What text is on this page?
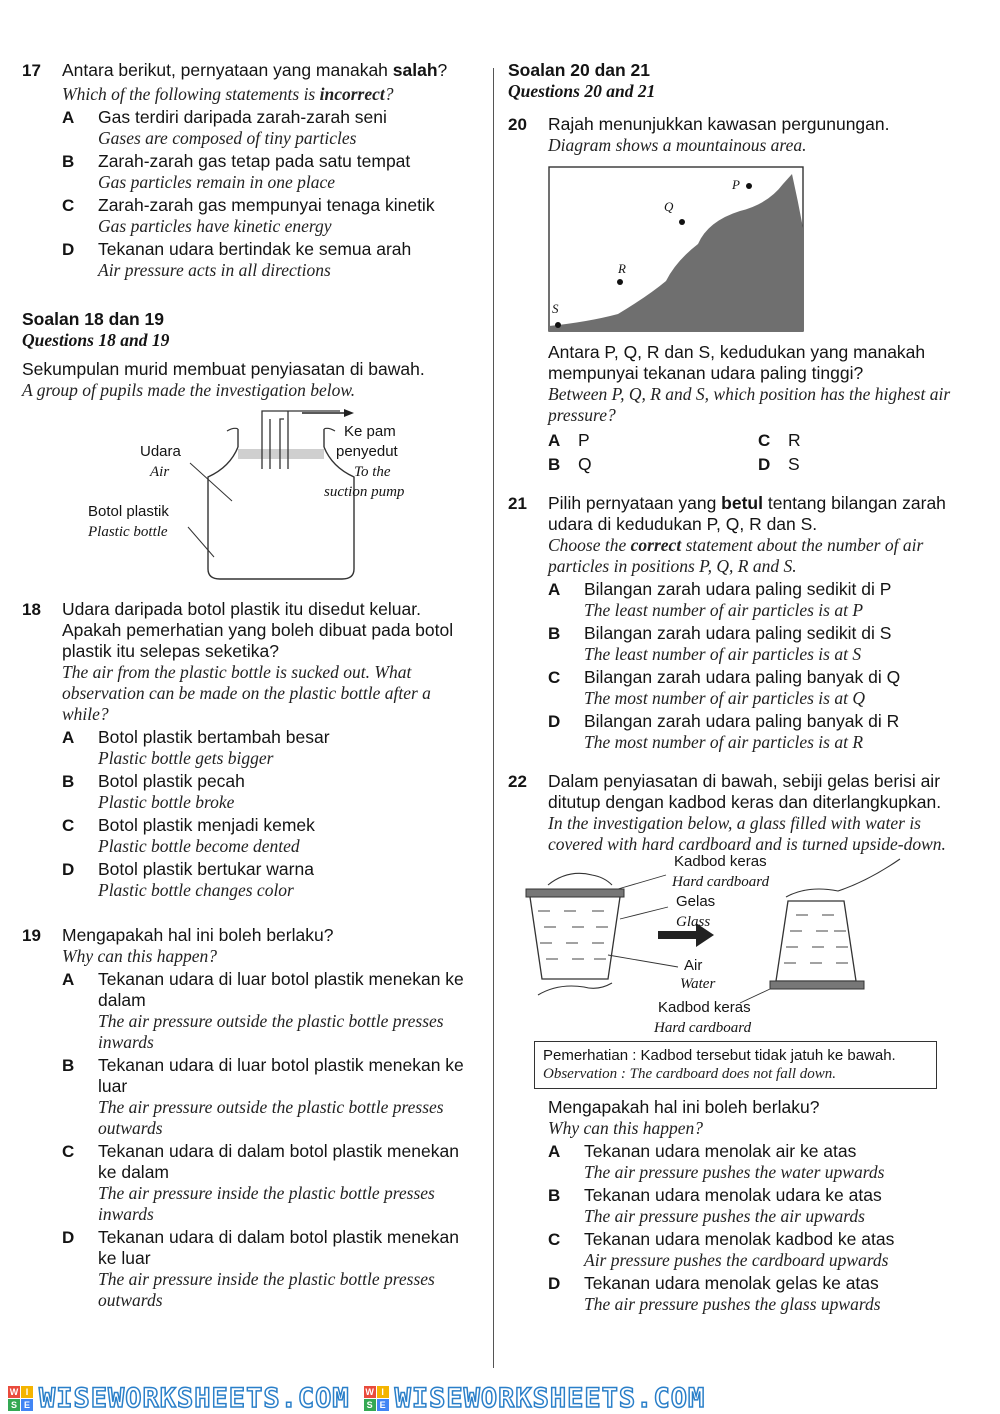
17	Antara berikut, pernyataan yang manakah salah?
Which of the following statements is incorrect?
A	Gas terdiri daripada zarah-zarah seni
Gases are composed of tiny particles
B	Zarah-zarah gas tetap pada satu tempat
Gas particles remain in one place
C	Zarah-zarah gas mempunyai tenaga kinetik
Gas particles have kinetic energy
D	Tekanan udara bertindak ke semua arah
Air pressure acts in all directions
Soalan 18 dan 19
Questions 18 and 19
Sekumpulan murid membuat penyiasatan di bawah.
A group of pupils made the investigation below.
Udara
Air
Botol plastik
Plastic bottle
Ke pam
penyedut
To the
suction pump
18	Udara daripada botol plastik itu disedut keluar. Apakah pemerhatian yang boleh dibuat pada botol plastik itu selepas seketika?
The air from the plastic bottle is sucked out. What observation can be made on the plastic bottle after a while?
A	Botol plastik bertambah besar
Plastic bottle gets bigger
B	Botol plastik pecah
Plastic bottle broke
C	Botol plastik menjadi kemek
Plastic bottle become dented
D	Botol plastik bertukar warna
Plastic bottle changes color
19	Mengapakah hal ini boleh berlaku?
Why can this happen?
A	Tekanan udara di luar botol plastik menekan ke dalam
The air pressure outside the plastic bottle presses inwards
B	Tekanan udara di luar botol plastik menekan ke luar
The air pressure outside the plastic bottle presses outwards
C	Tekanan udara di dalam botol plastik menekan ke dalam
The air pressure inside the plastic bottle presses inwards
D	Tekanan udara di dalam botol plastik menekan ke luar
The air pressure inside the plastic bottle presses outwards
Soalan 20 dan 21
Questions 20 and 21
20	Rajah menunjukkan kawasan pergunungan.
Diagram shows a mountainous area.
S
R
Q
P
Antara P, Q, R dan S, kedudukan yang manakah mempunyai tekanan udara paling tinggi?
Between P, Q, R and S, which position has the highest air pressure?
A	P	C	R
B	Q	D	S
21	Pilih pernyataan yang betul tentang bilangan zarah udara di kedudukan P, Q, R dan S.
Choose the correct statement about the number of air particles in positions P, Q, R and S.
A	Bilangan zarah udara paling sedikit di P
The least number of air particles is at P
B	Bilangan zarah udara paling sedikit di S
The least number of air particles is at S
C	Bilangan zarah udara paling banyak di Q
The most number of air particles is at Q
D	Bilangan zarah udara paling banyak di R
The most number of air particles is at R
22	Dalam penyiasatan di bawah, sebiji gelas berisi air ditutup dengan kadbod keras dan diterlangkupkan.
In the investigation below, a glass filled with water is covered with hard cardboard and is turned upside-down.
Kadbod keras
Hard cardboard
Gelas
Glass
Air
Water
Kadbod keras
Hard cardboard
Pemerhatian : Kadbod tersebut tidak jatuh ke bawah.
Observation : The cardboard does not fall down.
Mengapakah hal ini boleh berlaku?
Why can this happen?
A	Tekanan udara menolak air ke atas
The air pressure pushes the water upwards
B	Tekanan udara menolak udara ke atas
The air pressure pushes the air upwards
C	Tekanan udara menolak kadbod ke atas
Air pressure pushes the cardboard upwards
D	Tekanan udara menolak gelas ke atas
The air pressure pushes the glass upwards
W I
S E WISEWORKSHEETS.COM W I
S E WISEWORKSHEETS.COM
